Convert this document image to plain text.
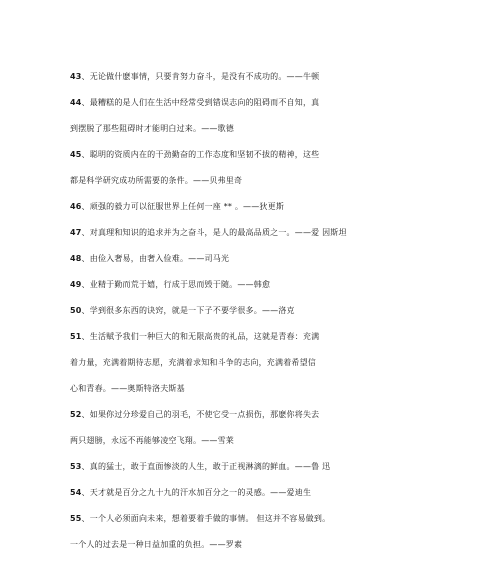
43、无论做什麽事情，只要肯努力奋斗，是没有不成功的。——牛顿
44、最糟糕的是人们在生活中经常受到错误志向的阻碍而不自知，真
到摆脱了那些阻碍时才能明白过来。——歌德
45、聪明的资质内在的干劲勤奋的工作态度和坚韧不拔的精神，这些
都是科学研究成功所需要的条件。——贝弗里奇
46、顽强的毅力可以征服世界上任何一座 ** 。——狄更斯
47、对真理和知识的追求并为之奋斗，是人的最高品质之一。——爱 因斯坦
48、由俭入奢易，由奢入俭难。——司马光
49、业精于勤而荒于嬉，行成于思而毁于随。——韩愈
50、学到很多东西的诀窍，就是一下子不要学很多。——洛克
51、生活赋予我们一种巨大的和无限高贵的礼品，这就是青春：充满
着力量，充满着期待志愿，充满着求知和斗争的志向，充满着希望信
心和青春。——奥斯特洛夫斯基
52、如果你过分珍爱自己的羽毛，不使它受一点损伤，那麽你将失去
两只翅膀，永远不再能够凌空飞翔。——雪莱
53、真的猛士，敢于直面惨淡的人生，敢于正视淋漓的鲜血。——鲁 迅
54、天才就是百分之九十九的汗水加百分之一的灵感。——爱迪生
55、一个人必须面向未来，想着要着手做的事情。 但这并不容易做到。
一个人的过去是一种日益加重的负担。——罗素
